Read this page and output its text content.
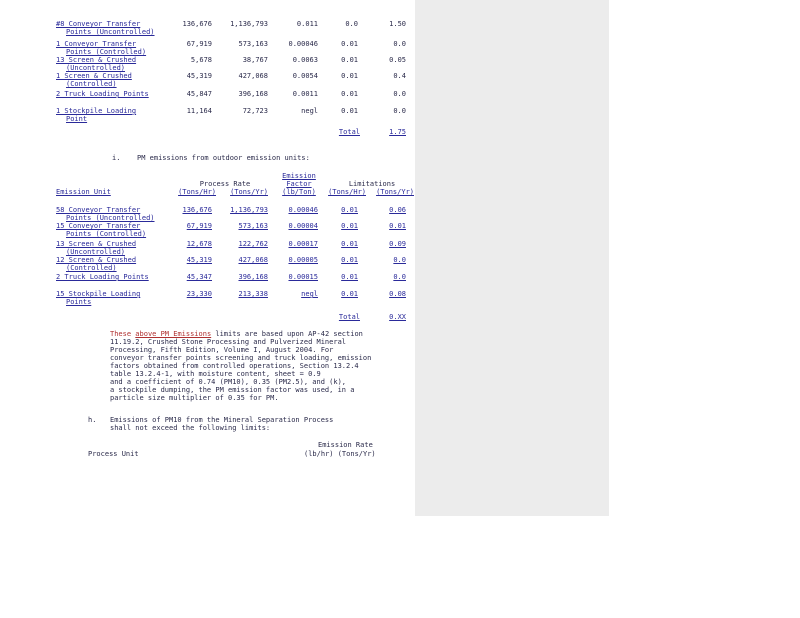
#8 Conveyor Transfer
Points (Uncontrolled)
136,676	1,136,793	0.011	0.0	1.50
1 Conveyor Transfer
Points (Controlled)
67,919	573,163	0.00046	0.01	0.0
13 Screen & Crushed
(Uncontrolled)
5,678	38,767	0.0063	0.01	0.05
1 Screen & Crushed
(Controlled)
45,319	427,068	0.0054	0.01	0.4
2 Truck Loading Points	45,847	396,168	0.0011	0.01	0.0
1 Stockpile Loading
Point
11,164	72,723	negl	0.01	0.0
Total	1.75
i. PM emissions from outdoor emission units:
Emission Unit
Process Rate
(Tons/Hr)	(Tons/Yr)
Emission Factor
(lb/Ton)
Limitations
(Tons/Hr)	(Tons/Yr)
58 Conveyor Transfer
Points (Uncontrolled)
136,676	1,136,793	0.00046	0.01	0.06
15 Conveyor Transfer
Points (Controlled)
67,919	573,163	0.00004	0.01	0.01
13 Screen & Crushed
(Uncontrolled)
12,678	122,762	0.00017	0.01	0.09
12 Screen & Crushed
(Controlled)
45,319	427,068	0.00005	0.01	0.0
2 Truck Loading Points	45,347	396,168	0.00015	0.01	0.0
15 Stockpile Loading
Points
23,330	213,338	negl	0.01	0.08
Total	0.XX
These above PM Emissions limits are based upon AP-42 section
11.19.2, Crushed Stone Processing and Pulverized Mineral
Processing, Fifth Edition, Volume I, August 2004. For
conveyor transfer points screening and truck loading, emission
factors obtained from controlled operations, Section 13.2.4
table 13.2.4-1, with moisture content, sheet = 0.9
and a coefficient of 0.74 (PM10), 0.35 (PM2.5), and (k),
a stockpile dumping, the PM emission factor was used, in a
particle size multiplier of 0.35 for PM.
h. Emissions of PM10 from the Mineral Separation Process
shall not exceed the following limits:
Emission Rate
Process Unit	(lb/hr) (Tons/Yr)
